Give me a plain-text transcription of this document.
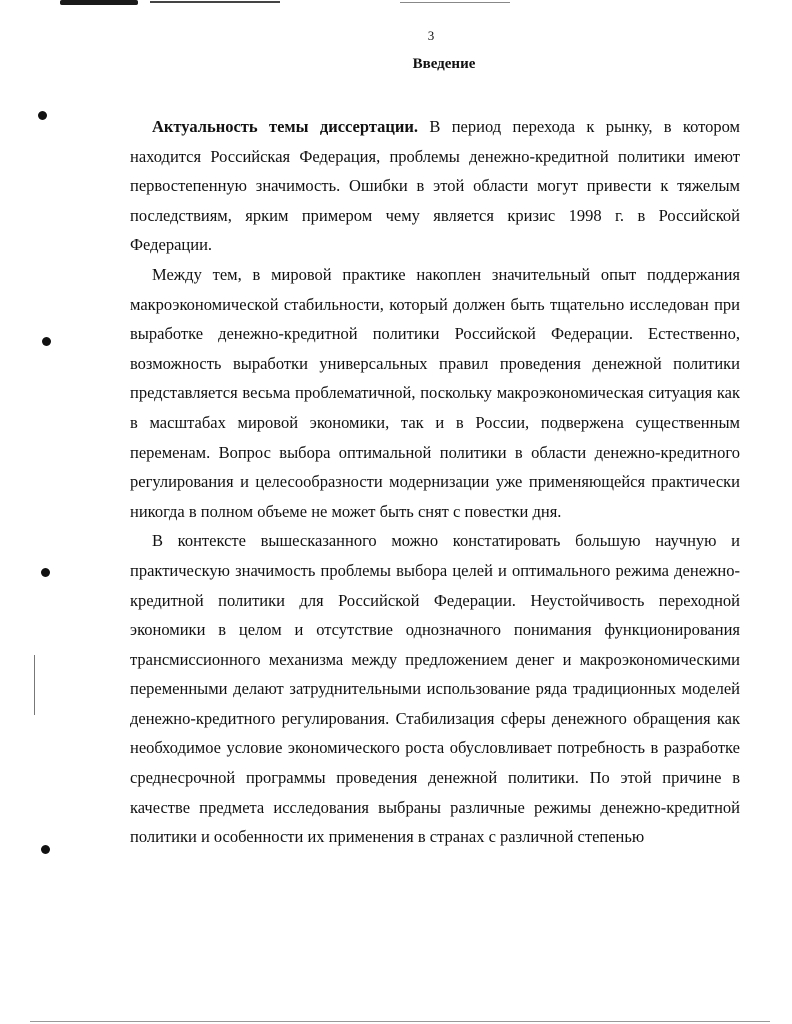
3
Введение

Актуальность темы диссертации. В период перехода к рынку, в котором находится Российская Федерация, проблемы денежно-кредитной политики имеют первостепенную значимость. Ошибки в этой области могут привести к тяжелым последствиям, ярким примером чему является кризис 1998 г. в Российской Федерации.

Между тем, в мировой практике накоплен значительный опыт поддержания макроэкономической стабильности, который должен быть тщательно исследован при выработке денежно-кредитной политики Российской Федерации. Естественно, возможность выработки универсальных правил проведения денежной политики представляется весьма проблематичной, поскольку макроэкономическая ситуация как в масштабах мировой экономики, так и в России, подвержена существенным переменам. Вопрос выбора оптимальной политики в области денежно-кредитного регулирования и целесообразности модернизации уже применяющейся практически никогда в полном объеме не может быть снят с повестки дня.

В контексте вышесказанного можно констатировать большую научную и практическую значимость проблемы выбора целей и оптимального режима денежно-кредитной политики для Российской Федерации. Неустойчивость переходной экономики в целом и отсутствие однозначного понимания функционирования трансмиссионного механизма между предложением денег и макроэкономическими переменными делают затруднительными использование ряда традиционных моделей денежно-кредитного регулирования. Стабилизация сферы денежного обращения как необходимое условие экономического роста обусловливает потребность в разработке среднесрочной программы проведения денежной политики. По этой причине в качестве предмета исследования выбраны различные режимы денежно-кредитной политики и особенности их применения в странах с различной степенью
